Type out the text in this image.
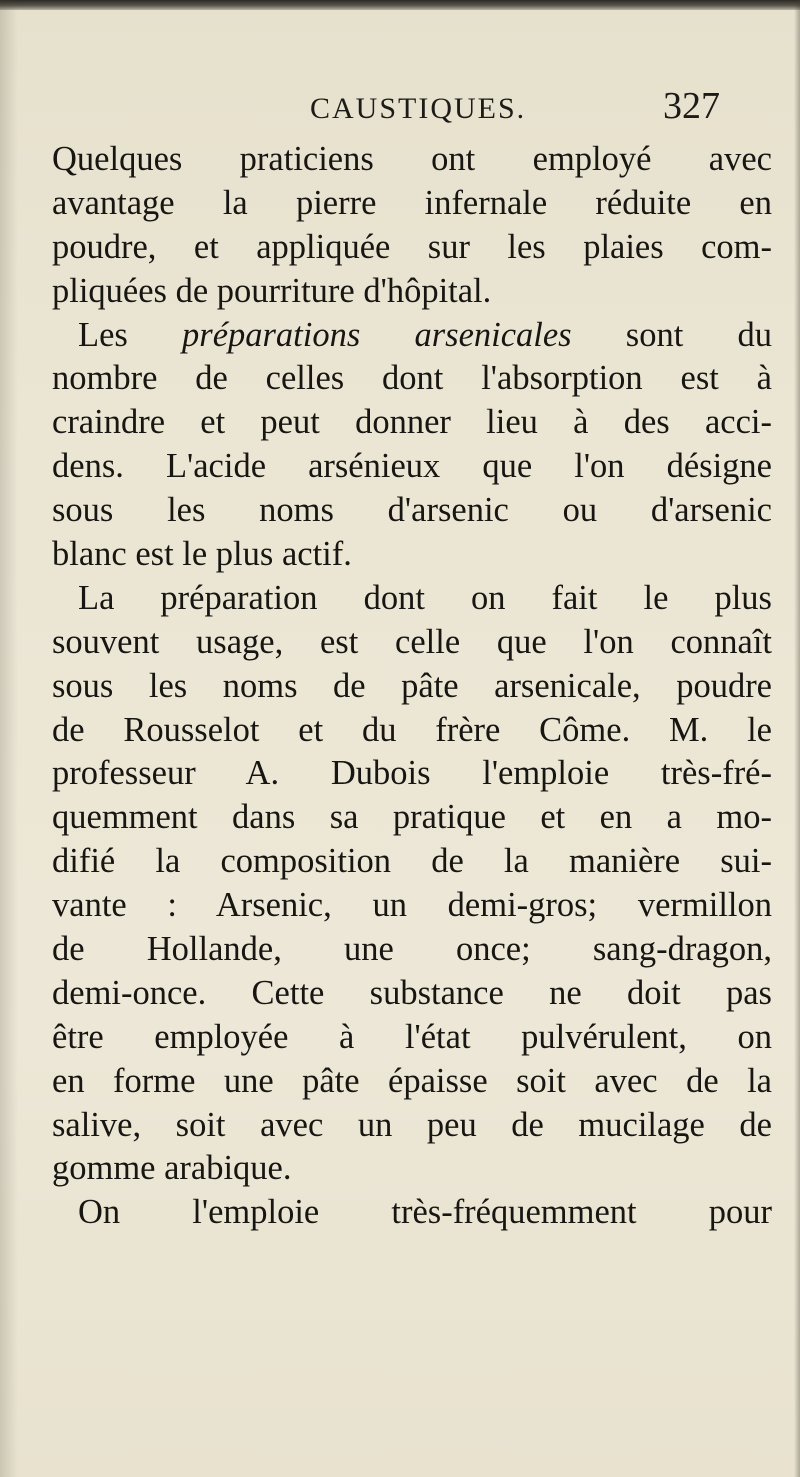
CAUSTIQUES.	327
Quelques praticiens ont employé avec
avantage la pierre infernale réduite en
poudre, et appliquée sur les plaies com-
pliquées de pourriture d'hôpital.
Les préparations arsenicales sont du
nombre de celles dont l'absorption est à
craindre et peut donner lieu à des acci-
dens. L'acide arsénieux que l'on désigne
sous les noms d'arsenic ou d'arsenic
blanc est le plus actif.
La préparation dont on fait le plus
souvent usage, est celle que l'on connaît
sous les noms de pâte arsenicale, poudre
de Rousselot et du frère Côme. M. le
professeur A. Dubois l'emploie très-fré-
quemment dans sa pratique et en a mo-
difié la composition de la manière sui-
vante : Arsenic, un demi-gros; vermillon
de Hollande, une once; sang-dragon,
demi-once. Cette substance ne doit pas
être employée à l'état pulvérulent, on
en forme une pâte épaisse soit avec de la
salive, soit avec un peu de mucilage de
gomme arabique.
On l'emploie très-fréquemment pour
